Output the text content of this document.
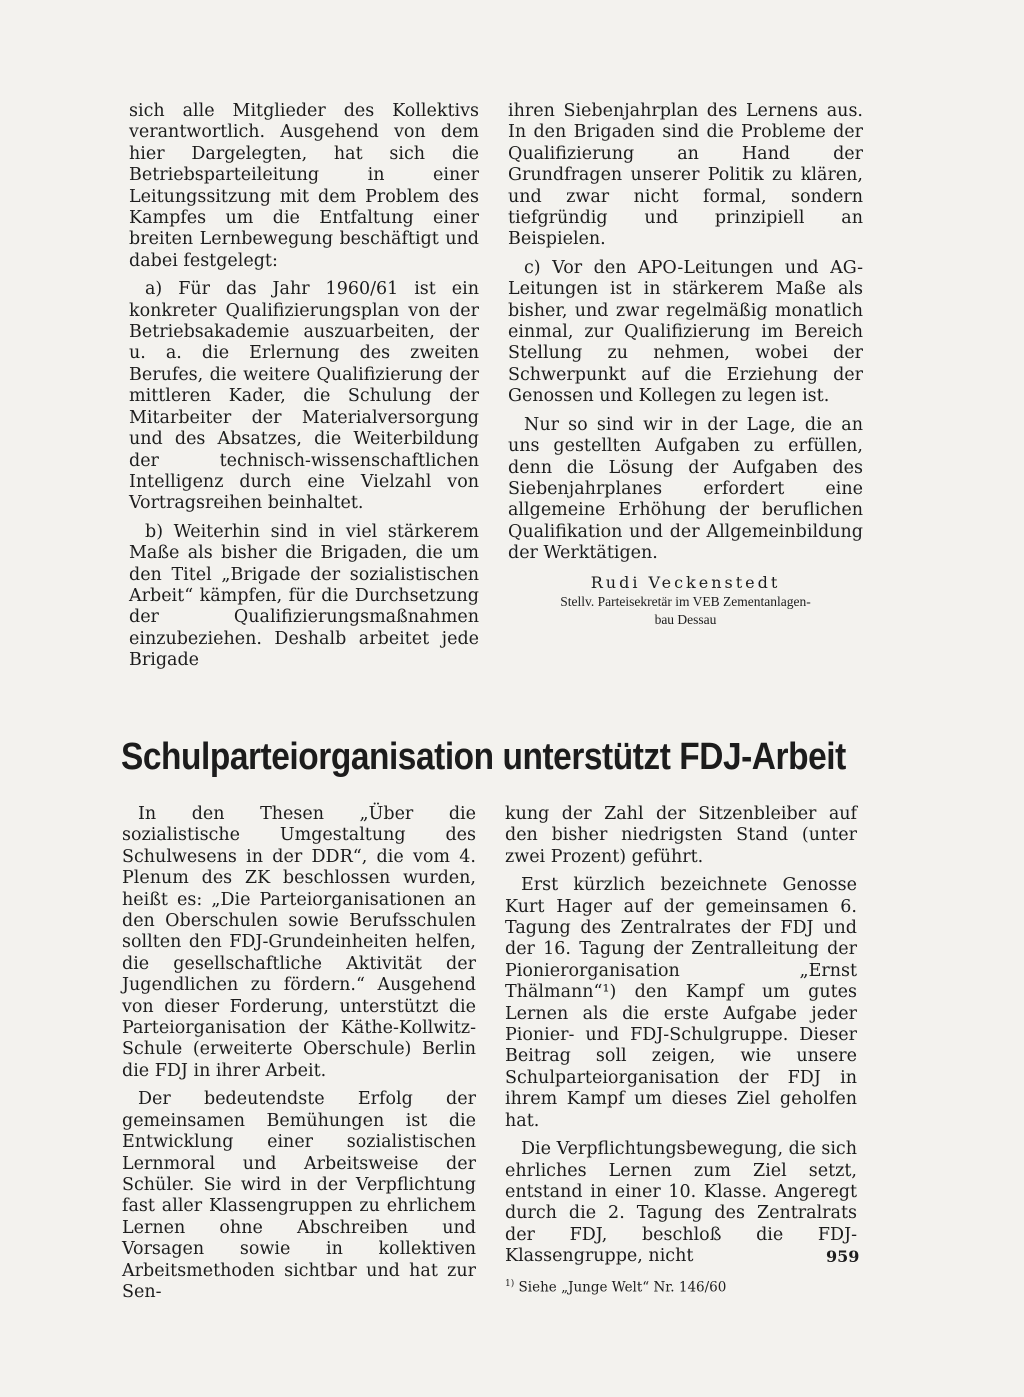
sich alle Mitglieder des Kollektivs verantwortlich. Ausgehend von dem hier Dargelegten, hat sich die Betriebsparteileitung in einer Leitungssitzung mit dem Problem des Kampfes um die Entfaltung einer breiten Lernbewegung beschäftigt und dabei festgelegt:

a) Für das Jahr 1960/61 ist ein konkreter Qualifizierungsplan von der Betriebsakademie auszuarbeiten, der u. a. die Erlernung des zweiten Berufes, die weitere Qualifizierung der mittleren Kader, die Schulung der Mitarbeiter der Materialversorgung und des Absatzes, die Weiterbildung der technisch-wissenschaftlichen Intelligenz durch eine Vielzahl von Vortragsreihen beinhaltet.

b) Weiterhin sind in viel stärkerem Maße als bisher die Brigaden, die um den Titel „Brigade der sozialistischen Arbeit“ kämpfen, für die Durchsetzung der Qualifizierungsmaßnahmen einzubeziehen. Deshalb arbeitet jede Brigade

ihren Siebenjahrplan des Lernens aus. In den Brigaden sind die Probleme der Qualifizierung an Hand der Grundfragen unserer Politik zu klären, und zwar nicht formal, sondern tiefgründig und prinzipiell an Beispielen.

c) Vor den APO-Leitungen und AG-Leitungen ist in stärkerem Maße als bisher, und zwar regelmäßig monatlich einmal, zur Qualifizierung im Bereich Stellung zu nehmen, wobei der Schwerpunkt auf die Erziehung der Genossen und Kollegen zu legen ist.

Nur so sind wir in der Lage, die an uns gestellten Aufgaben zu erfüllen, denn die Lösung der Aufgaben des Siebenjahrplanes erfordert eine allgemeine Erhöhung der beruflichen Qualifikation und der Allgemeinbildung der Werktätigen.

Rudi Veckenstedt
Stellv. Parteisekretär im VEB Zementanlagen-
bau Dessau
Schulparteiorganisation unterstützt FDJ-Arbeit

In den Thesen „Über die sozialistische Umgestaltung des Schulwesens in der DDR“, die vom 4. Plenum des ZK beschlossen wurden, heißt es: „Die Parteiorganisationen an den Oberschulen sowie Berufsschulen sollten den FDJ-Grundeinheiten helfen, die gesellschaftliche Aktivität der Jugendlichen zu fördern.“ Ausgehend von dieser Forderung, unterstützt die Parteiorganisation der Käthe-Kollwitz-Schule (erweiterte Oberschule) Berlin die FDJ in ihrer Arbeit.

Der bedeutendste Erfolg der gemeinsamen Bemühungen ist die Entwicklung einer sozialistischen Lernmoral und Arbeitsweise der Schüler. Sie wird in der Verpflichtung fast aller Klassengruppen zu ehrlichem Lernen ohne Abschreiben und Vorsagen sowie in kollektiven Arbeitsmethoden sichtbar und hat zur Sen-

kung der Zahl der Sitzenbleiber auf den bisher niedrigsten Stand (unter zwei Prozent) geführt.

Erst kürzlich bezeichnete Genosse Kurt Hager auf der gemeinsamen 6. Tagung des Zentralrates der FDJ und der 16. Tagung der Zentralleitung der Pionierorganisation „Ernst Thälmann“¹) den Kampf um gutes Lernen als die erste Aufgabe jeder Pionier- und FDJ-Schulgruppe. Dieser Beitrag soll zeigen, wie unsere Schulparteiorganisation der FDJ in ihrem Kampf um dieses Ziel geholfen hat.

Die Verpflichtungsbewegung, die sich ehrliches Lernen zum Ziel setzt, entstand in einer 10. Klasse. Angeregt durch die 2. Tagung des Zentralrats der FDJ, beschloß die FDJ-Klassengruppe, nicht

$^{1)}$ Siehe „Junge Welt“ Nr. 146/60
959
